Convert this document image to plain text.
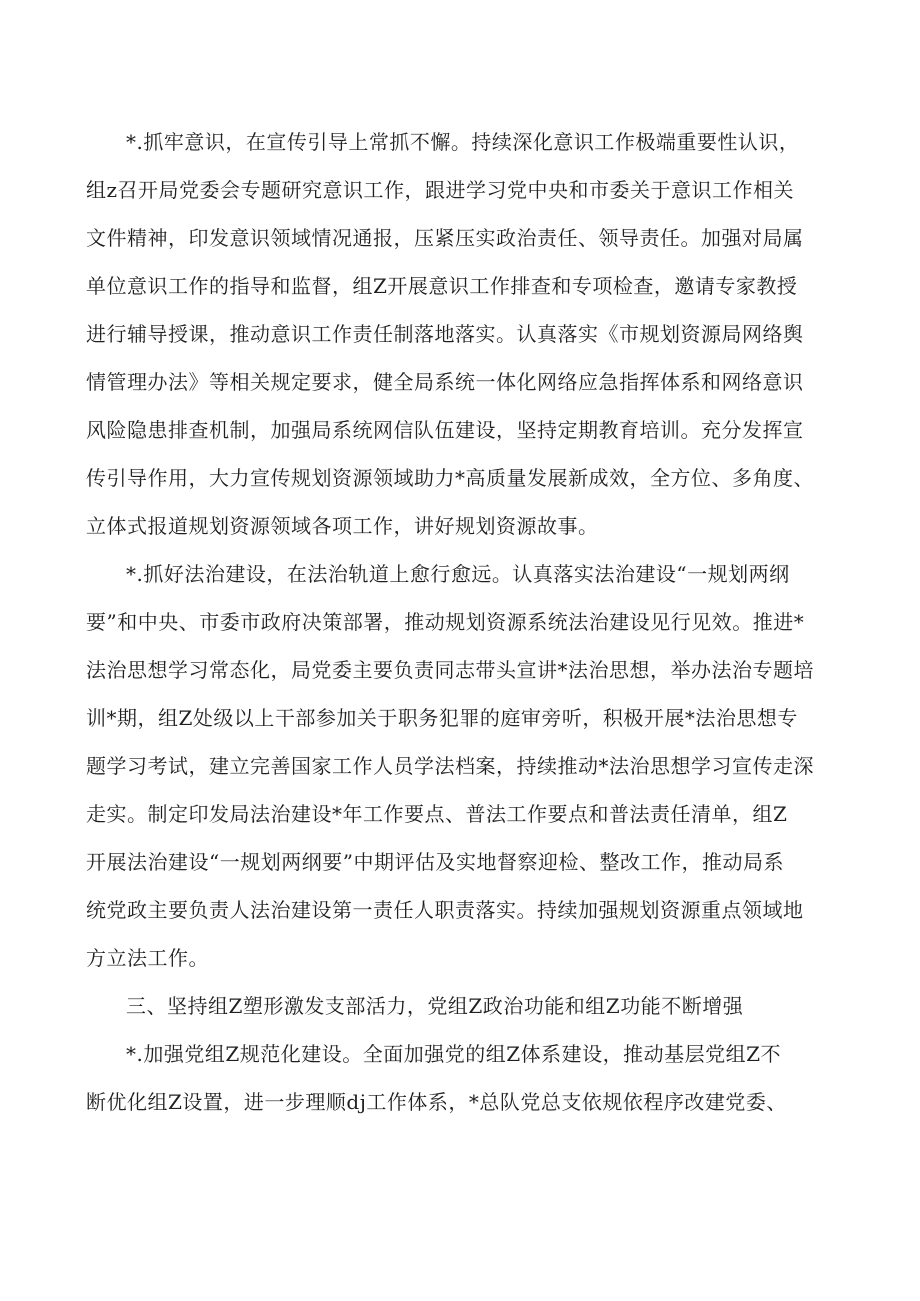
*.抓牢意识，在宣传引导上常抓不懈。持续深化意识工作极端重要性认识，
组z召开局党委会专题研究意识工作，跟进学习党中央和市委关于意识工作相关
文件精神，印发意识领域情况通报，压紧压实政治责任、领导责任。加强对局属
单位意识工作的指导和监督，组Z开展意识工作排查和专项检查，邀请专家教授
进行辅导授课，推动意识工作责任制落地落实。认真落实《市规划资源局网络舆
情管理办法》等相关规定要求，健全局系统一体化网络应急指挥体系和网络意识
风险隐患排查机制，加强局系统网信队伍建设，坚持定期教育培训。充分发挥宣
传引导作用，大力宣传规划资源领域助力*高质量发展新成效，全方位、多角度、
立体式报道规划资源领域各项工作，讲好规划资源故事。
*.抓好法治建设，在法治轨道上愈行愈远。认真落实法治建设“一规划两纲
要”和中央、市委市政府决策部署，推动规划资源系统法治建设见行见效。推进*
法治思想学习常态化，局党委主要负责同志带头宣讲*法治思想，举办法治专题培
训*期，组Z处级以上干部参加关于职务犯罪的庭审旁听，积极开展*法治思想专
题学习考试，建立完善国家工作人员学法档案，持续推动*法治思想学习宣传走深
走实。制定印发局法治建设*年工作要点、普法工作要点和普法责任清单，组Z
开展法治建设“一规划两纲要”中期评估及实地督察迎检、整改工作，推动局系
统党政主要负责人法治建设第一责任人职责落实。持续加强规划资源重点领域地
方立法工作。
三、坚持组Z塑形激发支部活力，党组Z政治功能和组Z功能不断增强
*.加强党组Z规范化建设。全面加强党的组Z体系建设，推动基层党组Z不
断优化组Z设置，进一步理顺dj工作体系，*总队党总支依规依程序改建党委、
